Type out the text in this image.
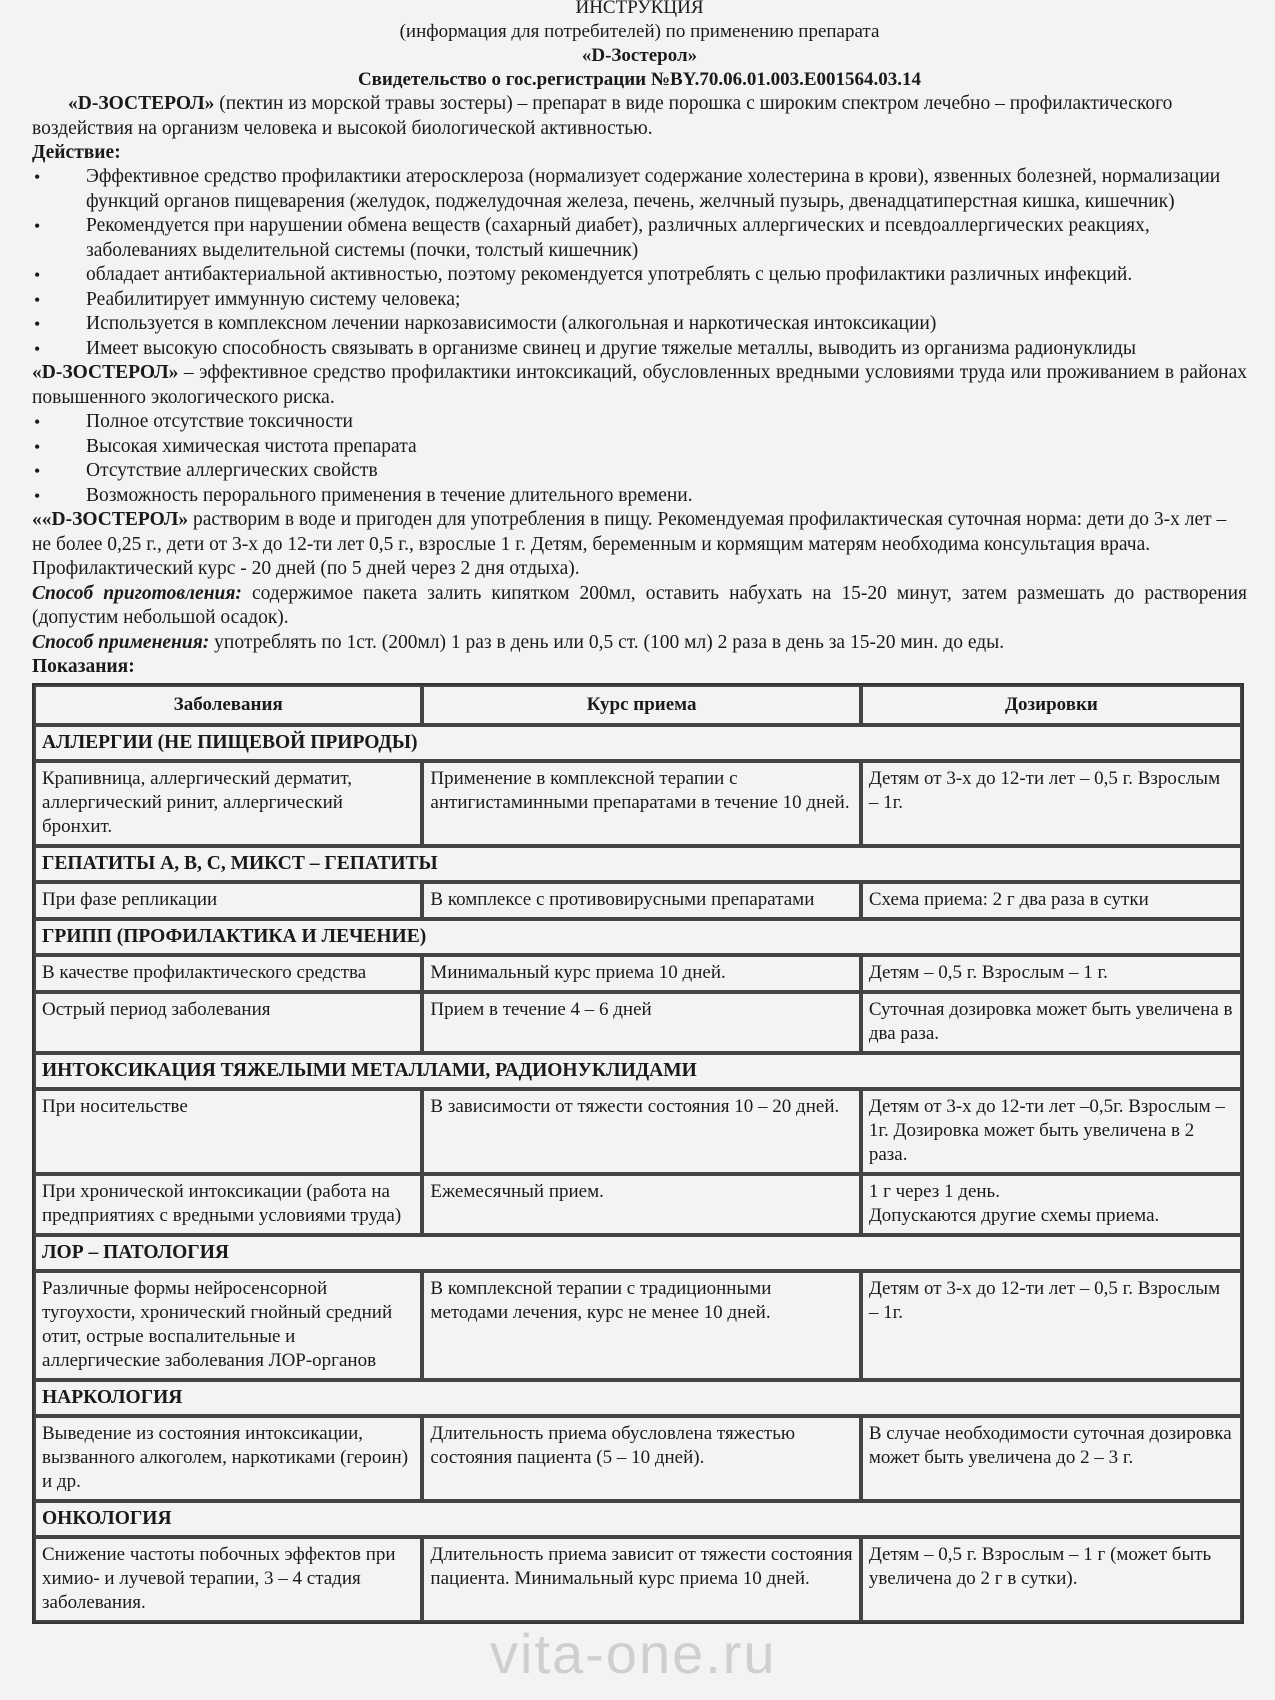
ИНСТРУКЦИЯ
(информация для потребителей) по применению препарата
«D-Зостерол»
Свидетельство о гос.регистрации №BY.70.06.01.003.E001564.03.14

«D-ЗОСТЕРОЛ» (пектин из морской травы зостеры) – препарат в виде порошка с широким спектром лечебно – профилактического воздействия на организм человека и высокой биологической активностью.

Действие:
• Эффективное средство профилактики атеросклероза (нормализует содержание холестерина в крови), язвенных болезней, нормализации функций органов пищеварения (желудок, поджелудочная железа, печень, желчный пузырь, двенадцатиперстная кишка, кишечник)
• Рекомендуется при нарушении обмена веществ (сахарный диабет), различных аллергических и псевдоаллергических реакциях, заболеваниях выделительной системы (почки, толстый кишечник)
• обладает антибактериальной активностью, поэтому рекомендуется употреблять с целью профилактики различных инфекций.
• Реабилитирует иммунную систему человека;
• Используется в комплексном лечении наркозависимости (алкогольная и наркотическая интоксикации)
• Имеет высокую способность связывать в организме свинец и другие тяжелые металлы, выводить из организма радионуклиды

«D-ЗОСТЕРОЛ» – эффективное средство профилактики интоксикаций, обусловленных вредными условиями труда или проживанием в районах повышенного экологического риска.

• Полное отсутствие токсичности
• Высокая химическая чистота препарата
• Отсутствие аллергических свойств
• Возможность перорального применения в течение длительного времени.

««D-ЗОСТЕРОЛ» растворим в воде и пригоден для употребления в пищу. Рекомендуемая профилактическая суточная норма: дети до 3-х лет – не более 0,25 г., дети от 3-х до 12-ти лет 0,5 г., взрослые 1 г. Детям, беременным и кормящим матерям необходима консультация врача.

Профилактический курс - 20 дней (по 5 дней через 2 дня отдыха).

Способ приготовления: содержимое пакета залить кипятком 200мл, оставить набухать на 15-20 минут, затем размешать до растворения (допустим небольшой осадок).

Способ применения: употреблять по 1ст. (200мл) 1 раз в день или 0,5 ст. (100 мл) 2 раза в день за 15-20 мин. до еды.

Показания:
Заболевания	Курс приема	Дозировки
АЛЛЕРГИИ (НЕ ПИЩЕВОЙ ПРИРОДЫ)		
Крапивница, аллергический дерматит, аллергический ринит, аллергический бронхит.	Применение в комплексной терапии с антигистаминными препаратами в течение 10 дней.	Детям от 3-х до 12-ти лет – 0,5 г. Взрослым – 1г.
ГЕПАТИТЫ А, В, С, МИКСТ – ГЕПАТИТЫ		
При фазе репликации	В комплексе с противовирусными препаратами	Схема приема: 2 г два раза в сутки
ГРИПП (ПРОФИЛАКТИКА И ЛЕЧЕНИЕ)		
В качестве профилактического средства	Минимальный курс приема 10 дней.	Детям – 0,5 г. Взрослым – 1 г.
Острый период заболевания	Прием в течение 4 – 6 дней	Суточная дозировка может быть увеличена в два раза.
ИНТОКСИКАЦИЯ ТЯЖЕЛЫМИ МЕТАЛЛАМИ, РАДИОНУКЛИДАМИ		
При носительстве	В зависимости от тяжести состояния 10 – 20 дней.	Детям от 3-х до 12-ти лет –0,5г. Взрослым – 1г. Дозировка может быть увеличена в 2 раза.
При хронической интоксикации (работа на предприятиях с вредными условиями труда)	Ежемесячный прием.	1 г через 1 день.
Допускаются другие схемы приема.

ЛОР – ПАТОЛОГИЯ		
Различные формы нейросенсорной тугоухости, хронический гнойный средний отит, острые воспалительные и аллергические заболевания ЛОР-органов	В комплексной терапии с традиционными методами лечения, курс не менее 10 дней.	Детям от 3-х до 12-ти лет – 0,5 г. Взрослым – 1г.
НАРКОЛОГИЯ		
Выведение из состояния интоксикации, вызванного алкоголем, наркотиками (героин) и др.	Длительность приема обусловлена тяжестью состояния пациента (5 – 10 дней).	В случае необходимости суточная дозировка может быть увеличена до 2 – 3 г.
ОНКОЛОГИЯ		
Снижение частоты побочных эффектов при химио- и лучевой терапии, 3 – 4 стадия заболевания.	Длительность приема зависит от тяжести состояния пациента. Минимальный курс приема 10 дней.	Детям – 0,5 г. Взрослым – 1 г (может быть увеличена до 2 г в сутки).
vita-one.ru
